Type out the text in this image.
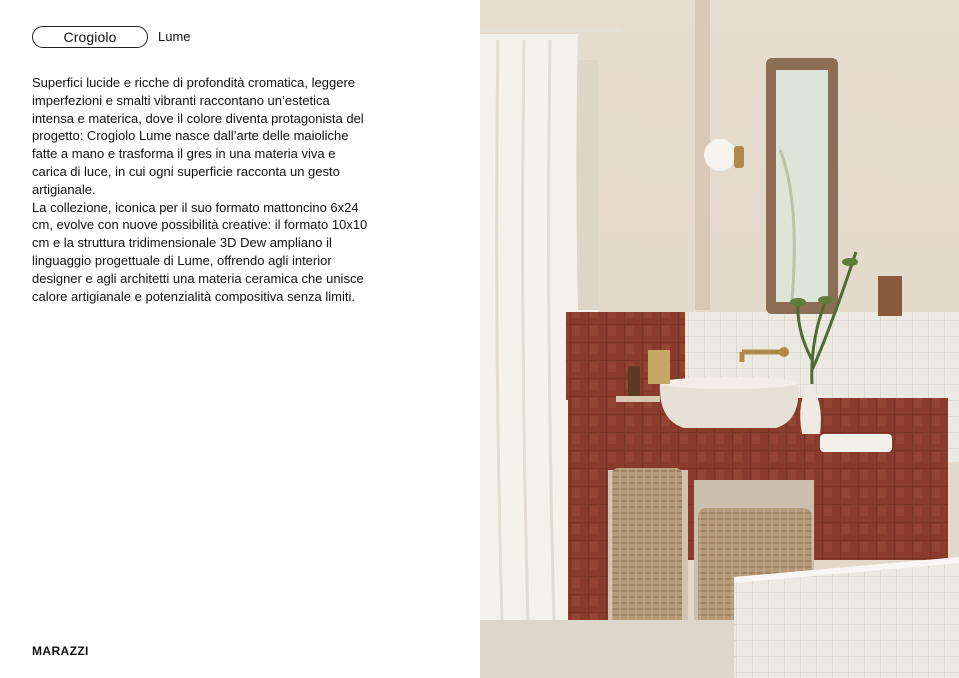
Crogiolo	Lume

Superfici lucide e ricche di profondità cromatica, leggere imperfezioni e smalti vibranti raccontano un’estetica intensa e materica, dove il colore diventa protagonista del progetto: Crogiolo Lume nasce dall’arte delle maioliche fatte a mano e trasforma il gres in una materia viva e carica di luce, in cui ogni superficie racconta un gesto artigianale.

La collezione, iconica per il suo formato mattoncino 6x24 cm, evolve con nuove possibilità creative: il formato 10x10 cm e la struttura tridimensionale 3D Dew ampliano il linguaggio progettuale di Lume, offrendo agli interior designer e agli architetti una materia ceramica che unisce calore artigianale e potenzialità compositiva senza limiti.

MARAZZI
